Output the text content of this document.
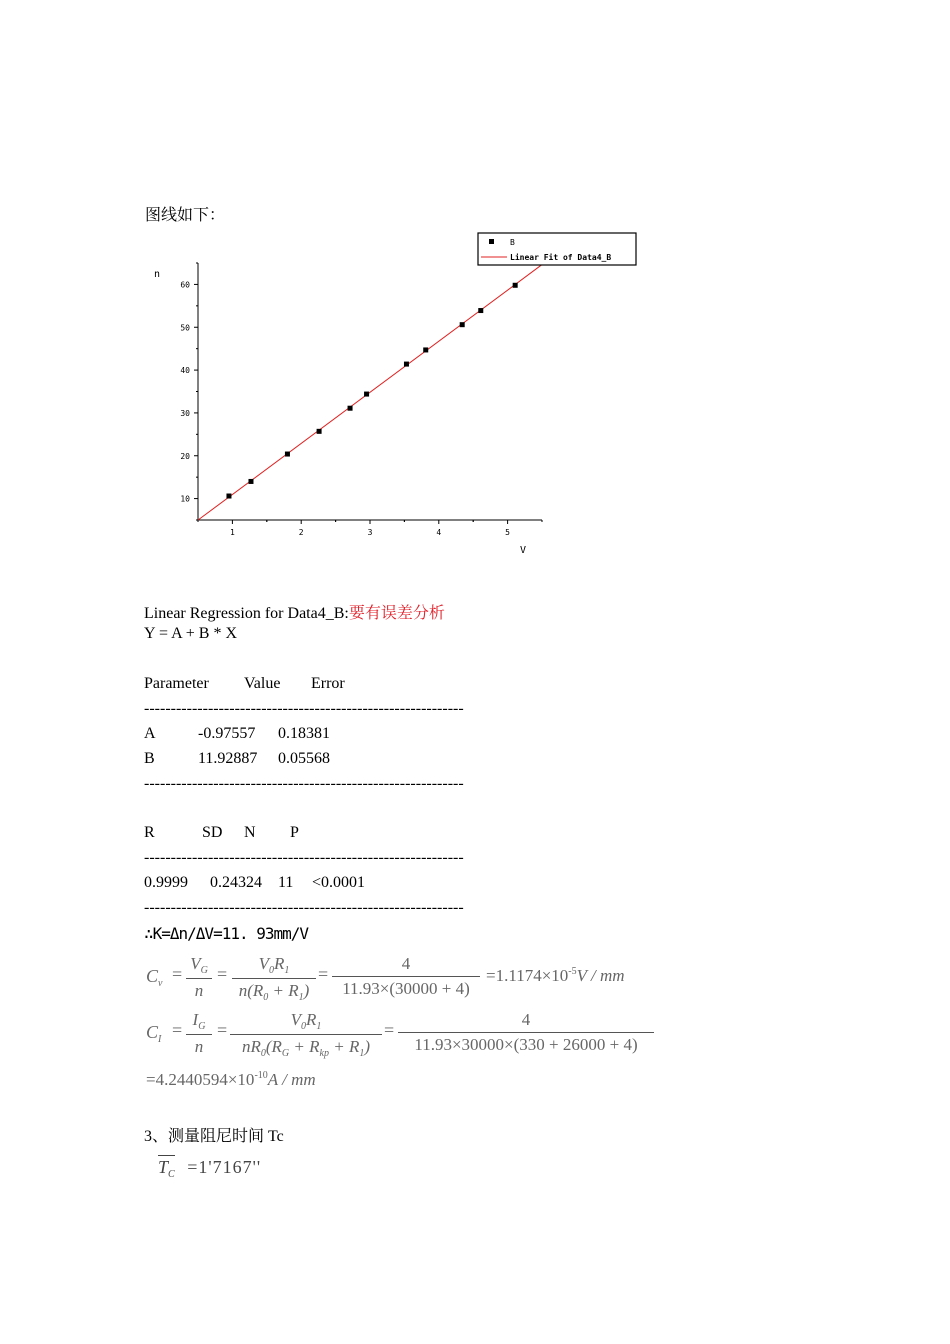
图线如下：
10
20
30
40
50
60
1	2	3	4	5
B
Linear Fit of Data4_B
n
V
Linear Regression for Data4_B:要有误差分析
Y = A + B * X
Parameter Value Error
------------------------------------------------------------
A	-0.97557 0.18381
B	11.92887 0.05568
------------------------------------------------------------
R	SD N P
------------------------------------------------------------
0.9999 0.24324 11 <0.0001
------------------------------------------------------------
∴K=Δn/ΔV=11. 93mm/V
$C_v$ =
$V_G$
n
=
$V_0R_1$
$n(R_0 + R_1)$
=
4
11.93×(30000 + 4)
$=1.1174\times 10^{-5}V$ / mm
$C_I$ =
$I_G$
n
=
$V_0R_1$
$nR_0(R_G + R_{kp} + R_1)$
=
4
11.93×30000×(330 + 26000 + 4)
$=4.2440594\times 10^{-10}A$ / mm
3、测量阻尼时间 Tc
$T_C =1'7167''$
